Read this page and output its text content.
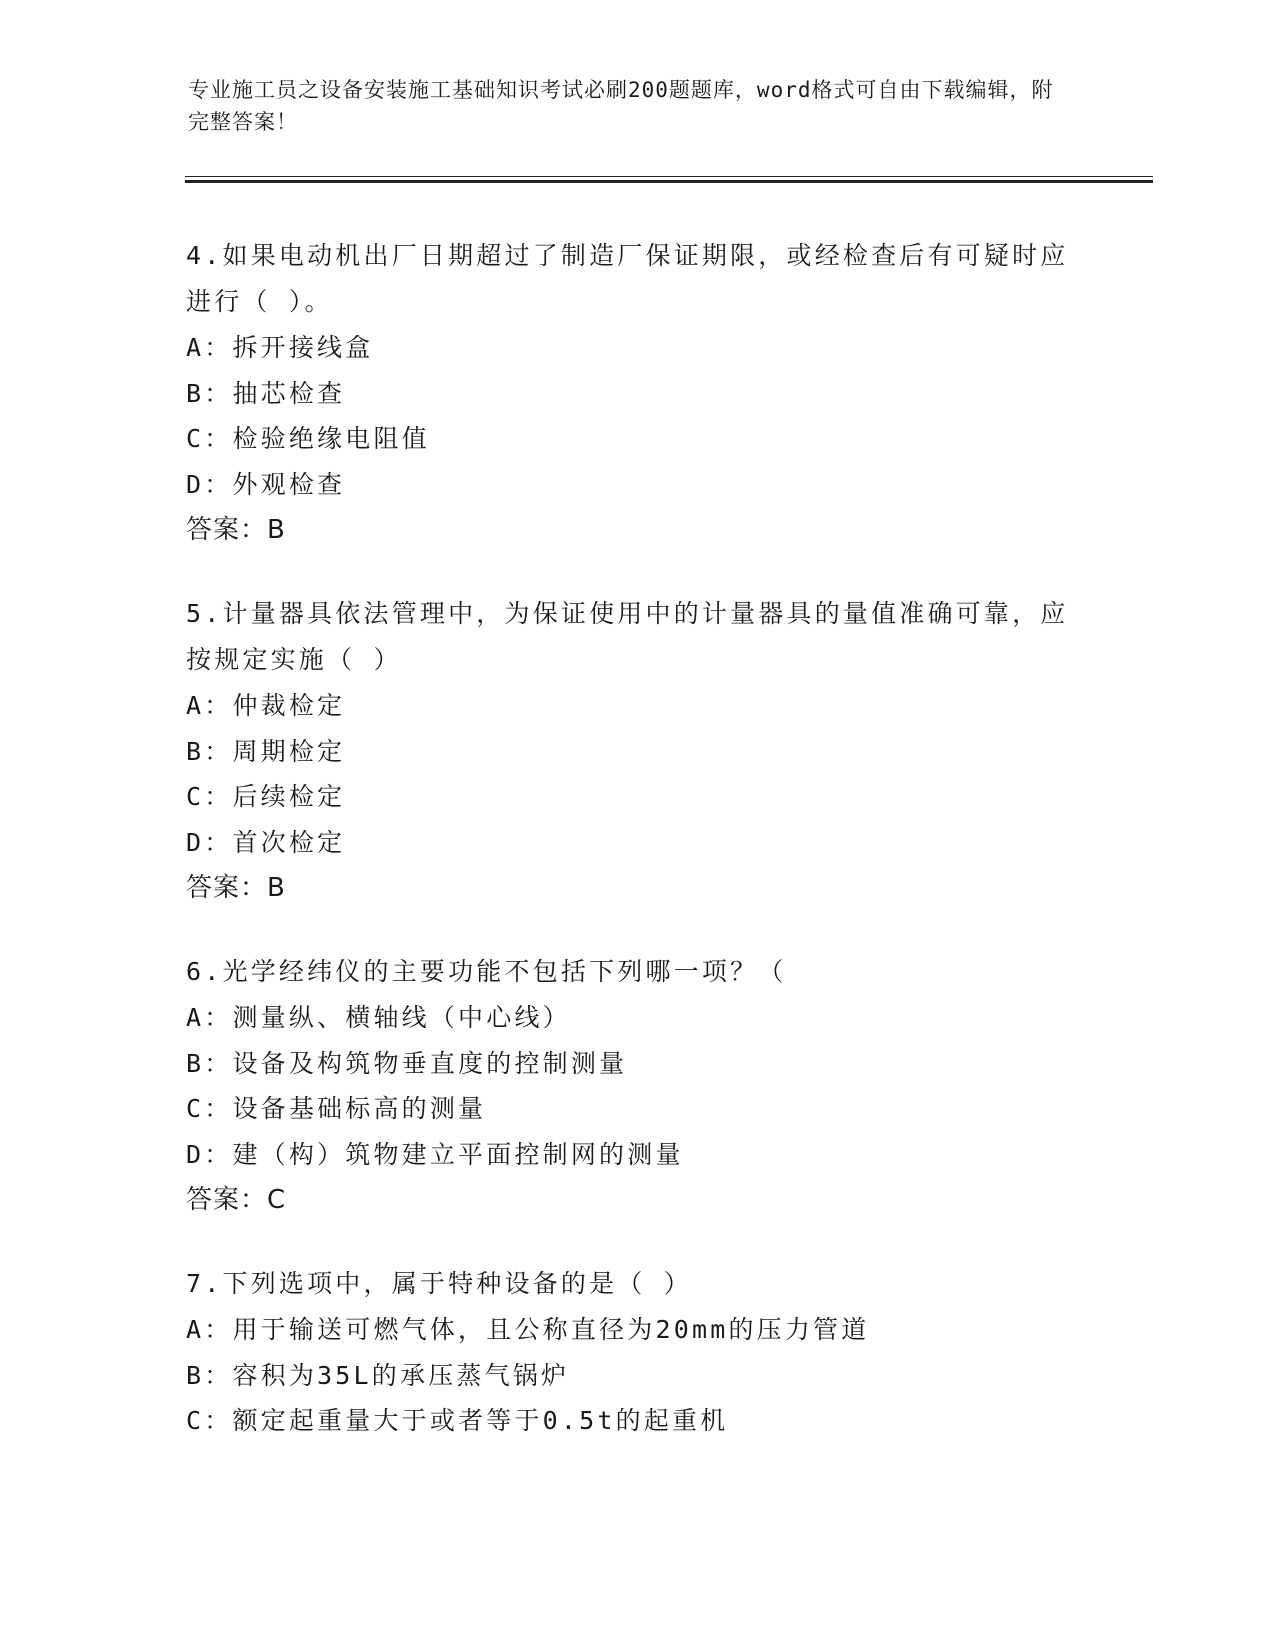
专业施工员之设备安装施工基础知识考试必刷200题题库，word格式可自由下载编辑，附完整答案！
4.如果电动机出厂日期超过了制造厂保证期限，或经检查后有可疑时应进行（ ）。
A：拆开接线盒
B：抽芯检查
C：检验绝缘电阻值
D：外观检查
答案：B
5.计量器具依法管理中，为保证使用中的计量器具的量值准确可靠，应按规定实施（ ）
A：仲裁检定
B：周期检定
C：后续检定
D：首次检定
答案：B
6.光学经纬仪的主要功能不包括下列哪一项？（
A：测量纵、横轴线（中心线）
B：设备及构筑物垂直度的控制测量
C：设备基础标高的测量
D：建（构）筑物建立平面控制网的测量
答案：C
7.下列选项中，属于特种设备的是（ ）
A：用于输送可燃气体，且公称直径为20mm的压力管道
B：容积为35L的承压蒸气锅炉
C：额定起重量大于或者等于0.5t的起重机
